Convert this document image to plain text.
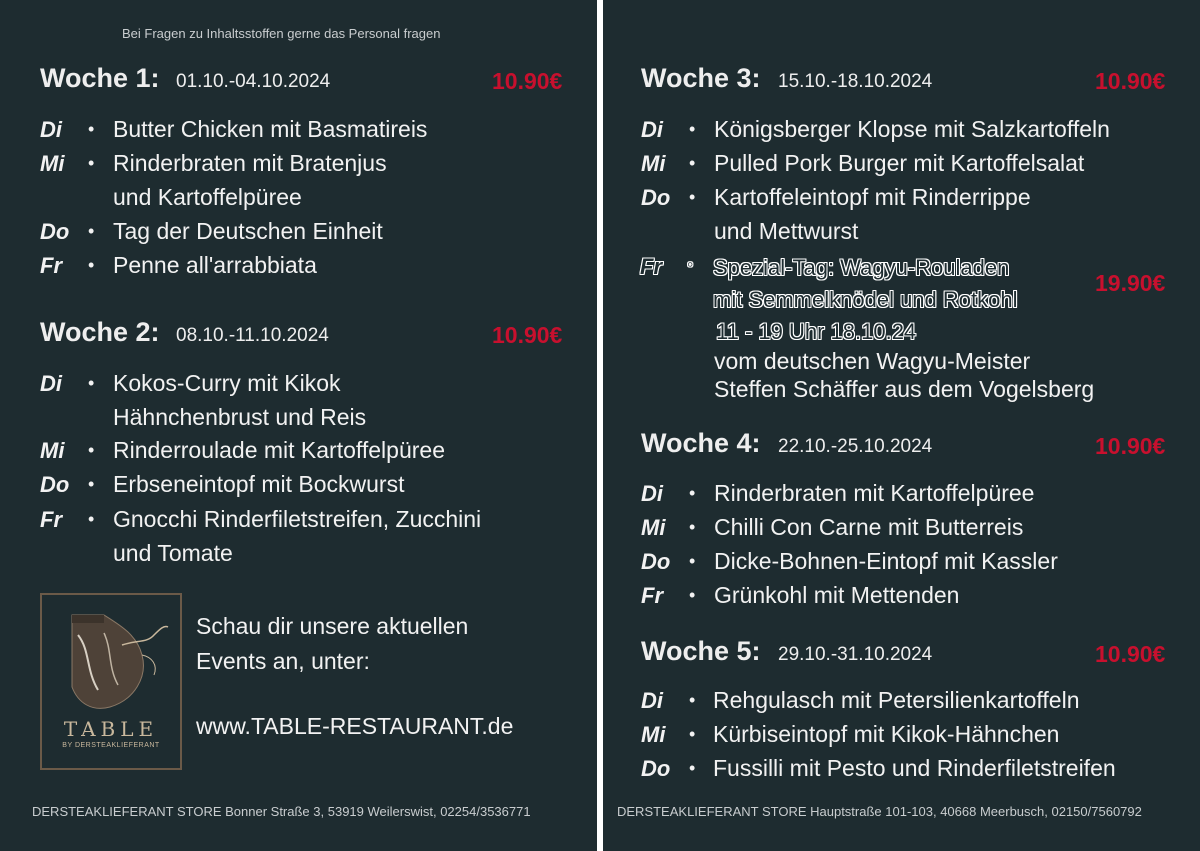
Bei Fragen zu Inhaltsstoffen gerne das Personal fragen
Woche 1: 01.10.-04.10.2024	10.90€
Di • Butter Chicken mit Basmatireis
Mi • Rinderbraten mit Bratenjus
und Kartoffelpüree
Do • Tag der Deutschen Einheit
Fr • Penne all'arrabbiata
Woche 2: 08.10.-11.10.2024	10.90€
Di • Kokos-Curry mit Kikok
Hähnchenbrust und Reis
Mi • Rinderroulade mit Kartoffelpüree
Do • Erbseneintopf mit Bockwurst
Fr • Gnocchi Rinderfiletstreifen, Zucchini
und Tomate
TABLE
BY DERSTEAKLIEFERANT
Schau dir unsere aktuellen
Events an, unter:
www.TABLE-RESTAURANT.de
DERSTEAKLIEFERANT STORE Bonner Straße 3, 53919 Weilerswist, 02254/3536771
Woche 3: 15.10.-18.10.2024	10.90€
Di • Königsberger Klopse mit Salzkartoffeln
Mi • Pulled Pork Burger mit Kartoffelsalat
Do • Kartoffeleintopf mit Rinderrippe
und Mettwurst
Fr ◦ Spezial-Tag: Wagyu-Rouladen
mit Semmelknödel und Rotkohl
19.90€
11 - 19 Uhr 18.10.24
vom deutschen Wagyu-Meister
Steffen Schäffer aus dem Vogelsberg
Woche 4: 22.10.-25.10.2024	10.90€
Di • Rinderbraten mit Kartoffelpüree
Mi • Chilli Con Carne mit Butterreis
Do • Dicke-Bohnen-Eintopf mit Kassler
Fr • Grünkohl mit Mettenden
Woche 5: 29.10.-31.10.2024	10.90€
Di • Rehgulasch mit Petersilienkartoffeln
Mi • Kürbiseintopf mit Kikok-Hähnchen
Do • Fussilli mit Pesto und Rinderfiletstreifen
DERSTEAKLIEFERANT STORE Hauptstraße 101-103, 40668 Meerbusch, 02150/7560792
